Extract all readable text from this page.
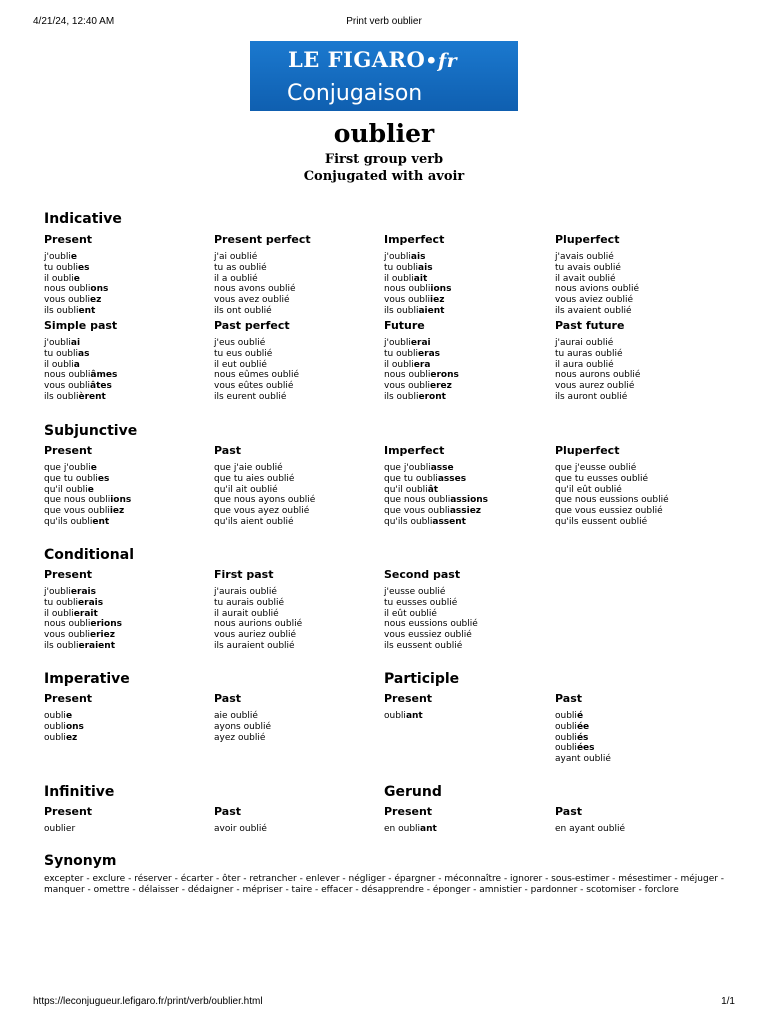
4/21/24, 12:40 AM	Print verb oublier
LE FIGARO•fr
Conjugaison
oublier
First group verb
Conjugated with avoir
Indicative
Present
j'oublie
tu oublies
il oublie
nous oublions
vous oubliez
ils oublient
Present perfect
j'ai oublié
tu as oublié
il a oublié
nous avons oublié
vous avez oublié
ils ont oublié
Imperfect
j'oubliais
tu oubliais
il oubliait
nous oubliions
vous oubliiez
ils oubliaient
Pluperfect
j'avais oublié
tu avais oublié
il avait oublié
nous avions oublié
vous aviez oublié
ils avaient oublié
Simple past
j'oubliai
tu oublias
il oublia
nous oubliâmes
vous oubliâtes
ils oublièrent
Past perfect
j'eus oublié
tu eus oublié
il eut oublié
nous eûmes oublié
vous eûtes oublié
ils eurent oublié
Future
j'oublierai
tu oublieras
il oubliera
nous oublierons
vous oublierez
ils oublieront
Past future
j'aurai oublié
tu auras oublié
il aura oublié
nous aurons oublié
vous aurez oublié
ils auront oublié
Subjunctive
Present
que j'oublie
que tu oublies
qu'il oublie
que nous oubliions
que vous oubliiez
qu'ils oublient
Past
que j'aie oublié
que tu aies oublié
qu'il ait oublié
que nous ayons oublié
que vous ayez oublié
qu'ils aient oublié
Imperfect
que j'oubliasse
que tu oubliasses
qu'il oubliât
que nous oubliassions
que vous oubliassiez
qu'ils oubliassent
Pluperfect
que j'eusse oublié
que tu eusses oublié
qu'il eût oublié
que nous eussions oublié
que vous eussiez oublié
qu'ils eussent oublié
Conditional
Present
j'oublierais
tu oublierais
il oublierait
nous oublierions
vous oublieriez
ils oublieraient
First past
j'aurais oublié
tu aurais oublié
il aurait oublié
nous aurions oublié
vous auriez oublié
ils auraient oublié
Second past
j'eusse oublié
tu eusses oublié
il eût oublié
nous eussions oublié
vous eussiez oublié
ils eussent oublié
Imperative
Present
oublie
oublions
oubliez
Past
aie oublié
ayons oublié
ayez oublié
Participle
Present
oubliant
Past
oublié
oubliée
oubliés
oubliées
ayant oublié
Infinitive
Present
oublier
Past
avoir oublié
Gerund
Present
en oubliant
Past
en ayant oublié
Synonym
excepter - exclure - réserver - écarter - ôter - retrancher - enlever - négliger - épargner - méconnaître - ignorer - sous-estimer - mésestimer - méjuger - manquer - omettre - délaisser - dédaigner - mépriser - taire - effacer - désapprendre - éponger - amnistier - pardonner - scotomiser - forclore
https://leconjugueur.lefigaro.fr/print/verb/oublier.html	1/1
